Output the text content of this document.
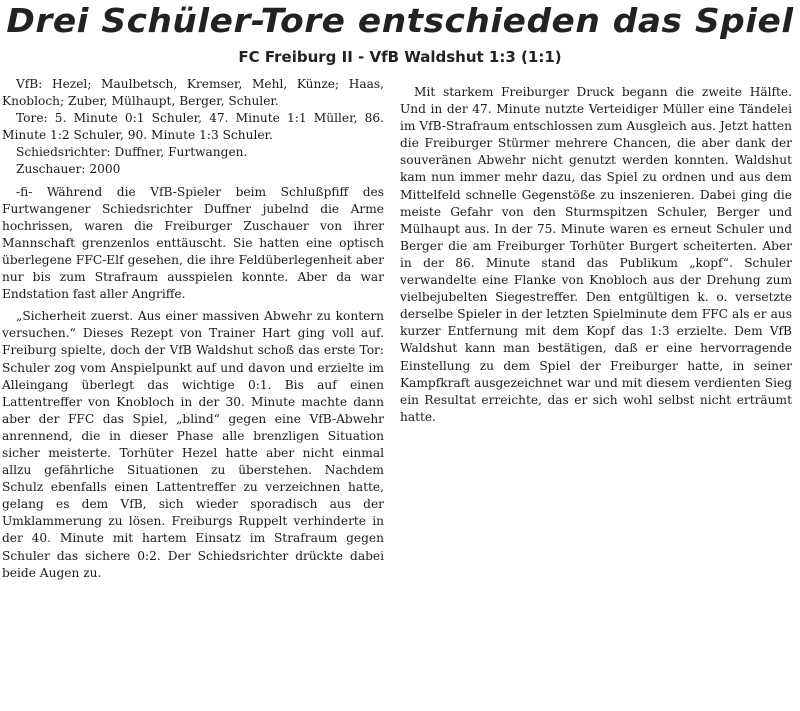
Drei Schüler-Tore entschieden das Spiel
FC Freiburg II - VfB Waldshut 1:3 (1:1)

VfB: Hezel; Maulbetsch, Kremser, Mehl, Künze; Haas, Knobloch; Zuber, Mülhaupt, Berger, Schuler.

Tore: 5. Minute 0:1 Schuler, 47. Minute 1:1 Müller, 86. Minute 1:2 Schuler, 90. Minute 1:3 Schuler.

Schiedsrichter: Duffner, Furtwangen.

Zuschauer: 2000

-fi- Während die VfB-Spieler beim Schlußpfiff des Furtwangener Schiedsrichter Duffner jubelnd die Arme hochrissen, waren die Freiburger Zuschauer von ihrer Mannschaft grenzenlos enttäuscht. Sie hatten eine optisch überlegene FFC-Elf gesehen, die ihre Feldüberlegenheit aber nur bis zum Strafraum ausspielen konnte. Aber da war Endstation fast aller Angriffe.

„Sicherheit zuerst. Aus einer massiven Abwehr zu kontern versuchen.“ Dieses Rezept von Trainer Hart ging voll auf. Freiburg spielte, doch der VfB Waldshut schoß das erste Tor: Schuler zog vom Anspielpunkt auf und davon und erzielte im Alleingang überlegt das wichtige 0:1. Bis auf einen Lattentreffer von Knobloch in der 30. Minute machte dann aber der FFC das Spiel, „blind“ gegen eine VfB-Abwehr anrennend, die in dieser Phase alle brenzligen Situation sicher meisterte. Torhüter Hezel hatte aber nicht einmal allzu gefährliche Situationen zu überstehen. Nachdem Schulz ebenfalls einen Lattentreffer zu verzeichnen hatte, gelang es dem VfB, sich wieder sporadisch aus der Umklammerung zu lösen. Freiburgs Ruppelt verhinderte in der 40. Minute mit hartem Einsatz im Strafraum gegen Schuler das sichere 0:2. Der Schiedsrichter drückte dabei beide Augen zu.

Mit starkem Freiburger Druck begann die zweite Hälfte. Und in der 47. Minute nutzte Verteidiger Müller eine Tändelei im VfB-Strafraum entschlossen zum Ausgleich aus. Jetzt hatten die Freiburger Stürmer mehrere Chancen, die aber dank der souveränen Abwehr nicht genutzt werden konnten. Waldshut kam nun immer mehr dazu, das Spiel zu ordnen und aus dem Mittelfeld schnelle Gegenstöße zu inszenieren. Dabei ging die meiste Gefahr von den Sturmspitzen Schuler, Berger und Mülhaupt aus. In der 75. Minute waren es erneut Schuler und Berger die am Freiburger Torhüter Burgert scheiterten. Aber in der 86. Minute stand das Publikum „kopf“. Schuler verwandelte eine Flanke von Knobloch aus der Drehung zum vielbejubelten Siegestreffer. Den entgültigen k. o. versetzte derselbe Spieler in der letzten Spielminute dem FFC als er aus kurzer Entfernung mit dem Kopf das 1:3 erzielte. Dem VfB Waldshut kann man bestätigen, daß er eine hervorragende Einstellung zu dem Spiel der Freiburger hatte, in seiner Kampfkraft ausgezeichnet war und mit diesem verdienten Sieg ein Resultat erreichte, das er sich wohl selbst nicht erträumt hatte.
